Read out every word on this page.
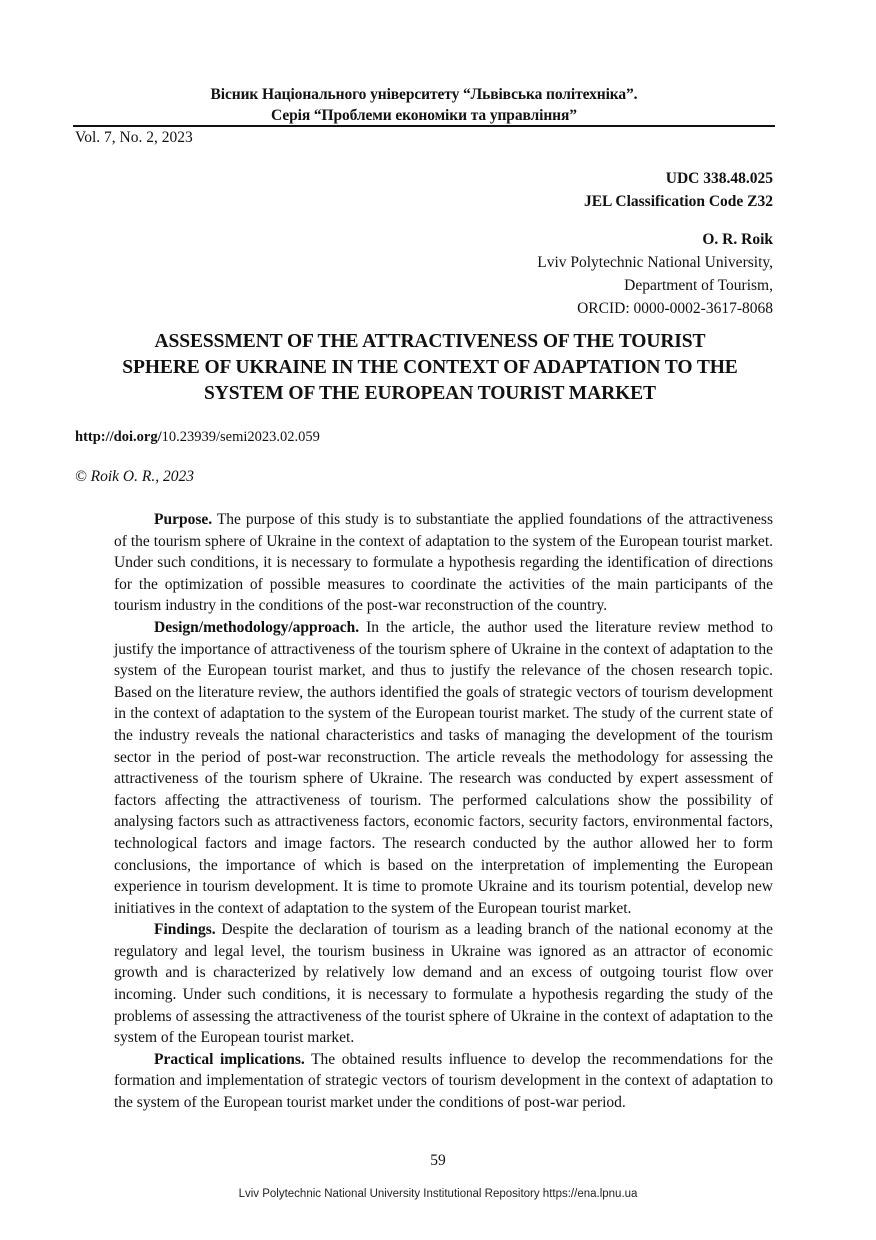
Вісник Національного університету “Львівська політехніка”.
Серія “Проблеми економіки та управління”
Vol. 7, No. 2, 2023
UDC 338.48.025
JEL Classification Code Z32
O. R. Roik
Lviv Polytechnic National University,
Department of Tourism,
ORCID: 0000-0002-3617-8068
ASSESSMENT OF THE ATTRACTIVENESS OF THE TOURIST
SPHERE OF UKRAINE IN THE CONTEXT OF ADAPTATION TO THE
SYSTEM OF THE EUROPEAN TOURIST MARKET
http://doi.org/10.23939/semi2023.02.059
© Roik O. R., 2023

Purpose. The purpose of this study is to substantiate the applied foundations of the attractiveness of the tourism sphere of Ukraine in the context of adaptation to the system of the European tourist market. Under such conditions, it is necessary to formulate a hypothesis regarding the identification of directions for the optimization of possible measures to coordinate the activities of the main participants of the tourism industry in the conditions of the post-war reconstruction of the country.

Design/methodology/approach. In the article, the author used the literature review method to justify the importance of attractiveness of the tourism sphere of Ukraine in the context of adaptation to the system of the European tourist market, and thus to justify the relevance of the chosen research topic. Based on the literature review, the authors identified the goals of strategic vectors of tourism development in the context of adaptation to the system of the European tourist market. The study of the current state of the industry reveals the national characteristics and tasks of managing the development of the tourism sector in the period of post-war reconstruction. The article reveals the methodology for assessing the attractiveness of the tourism sphere of Ukraine. The research was conducted by expert assessment of factors affecting the attractiveness of tourism. The performed calculations show the possibility of analysing factors such as attractiveness factors, economic factors, security factors, environmental factors, technological factors and image factors. The research conducted by the author allowed her to form conclusions, the importance of which is based on the interpretation of implementing the European experience in tourism development. It is time to promote Ukraine and its tourism potential, develop new initiatives in the context of adaptation to the system of the European tourist market.

Findings. Despite the declaration of tourism as a leading branch of the national economy at the regulatory and legal level, the tourism business in Ukraine was ignored as an attractor of economic growth and is characterized by relatively low demand and an excess of outgoing tourist flow over incoming. Under such conditions, it is necessary to formulate a hypothesis regarding the study of the problems of assessing the attractiveness of the tourist sphere of Ukraine in the context of adaptation to the system of the European tourist market.

Practical implications. The obtained results influence to develop the recommendations for the formation and implementation of strategic vectors of tourism development in the context of adaptation to the system of the European tourist market under the conditions of post-war period.

59
Lviv Polytechnic National University Institutional Repository https://ena.lpnu.ua
